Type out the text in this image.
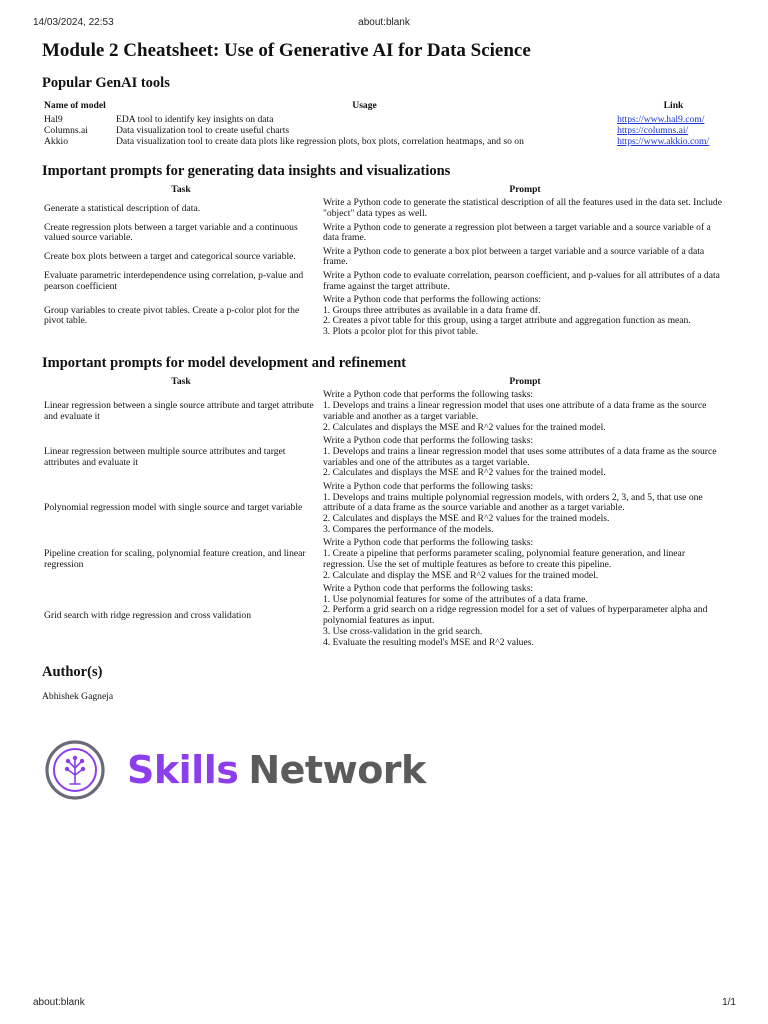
14/03/2024, 22:53	about:blank
Module 2 Cheatsheet: Use of Generative AI for Data Science
Popular GenAI tools
Name of model	Usage	Link
Hal9	EDA tool to identify key insights on data	https://www.hal9.com/
Columns.ai	Data visualization tool to create useful charts	https://columns.ai/
Akkio	Data visualization tool to create data plots like regression plots, box plots, correlation heatmaps, and so on	https://www.akkio.com/
Important prompts for generating data insights and visualizations
Task	Prompt
Generate a statistical description of data.	Write a Python code to generate the statistical description of all the features used in the data set. Include "object" data types as well.

Create regression plots between a target variable and a continuous valued source variable.	Write a Python code to generate a regression plot between a target variable and a source variable of a data frame.

Create box plots between a target and categorical source variable.	Write a Python code to generate a box plot between a target variable and a source variable of a data frame.

Evaluate parametric interdependence using correlation, p-value and pearson coefficient	Write a Python code to evaluate correlation, pearson coefficient, and p-values for all attributes of a data frame against the target attribute.

Group variables to create pivot tables. Create a p-color plot for the pivot table.	Write a Python code that performs the following actions:
1. Groups three attributes as available in a data frame df.
2. Creates a pivot table for this group, using a target attribute and aggregation function as mean.
3. Plots a pcolor plot for this pivot table.
Important prompts for model development and refinement
Task	Prompt
Linear regression between a single source attribute and target attribute and evaluate it	Write a Python code that performs the following tasks:
1. Develops and trains a linear regression model that uses one attribute of a data frame as the source variable and another as a target variable.
2. Calculates and displays the MSE and R^2 values for the trained model.

Linear regression between multiple source attributes and target attributes and evaluate it	Write a Python code that performs the following tasks:
1. Develops and trains a linear regression model that uses some attributes of a data frame as the source variables and one of the attributes as a target variable.
2. Calculates and displays the MSE and R^2 values for the trained model.

Polynomial regression model with single source and target variable	Write a Python code that performs the following tasks:
1. Develops and trains multiple polynomial regression models, with orders 2, 3, and 5, that use one attribute of a data frame as the source variable and another as a target variable.
2. Calculates and displays the MSE and R^2 values for the trained models.
3. Compares the performance of the models.

Pipeline creation for scaling, polynomial feature creation, and linear regression	Write a Python code that performs the following tasks:
1. Create a pipeline that performs parameter scaling, polynomial feature generation, and linear regression. Use the set of multiple features as before to create this pipeline.
2. Calculate and display the MSE and R^2 values for the trained model.

Grid search with ridge regression and cross validation	Write a Python code that performs the following tasks:
1. Use polynomial features for some of the attributes of a data frame.
2. Perform a grid search on a ridge regression model for a set of values of hyperparameter alpha and polynomial features as input.
3. Use cross-validation in the grid search.
4. Evaluate the resulting model's MSE and R^2 values.
Author(s)
Abhishek Gagneja
Skills Network
about:blank	1/1
